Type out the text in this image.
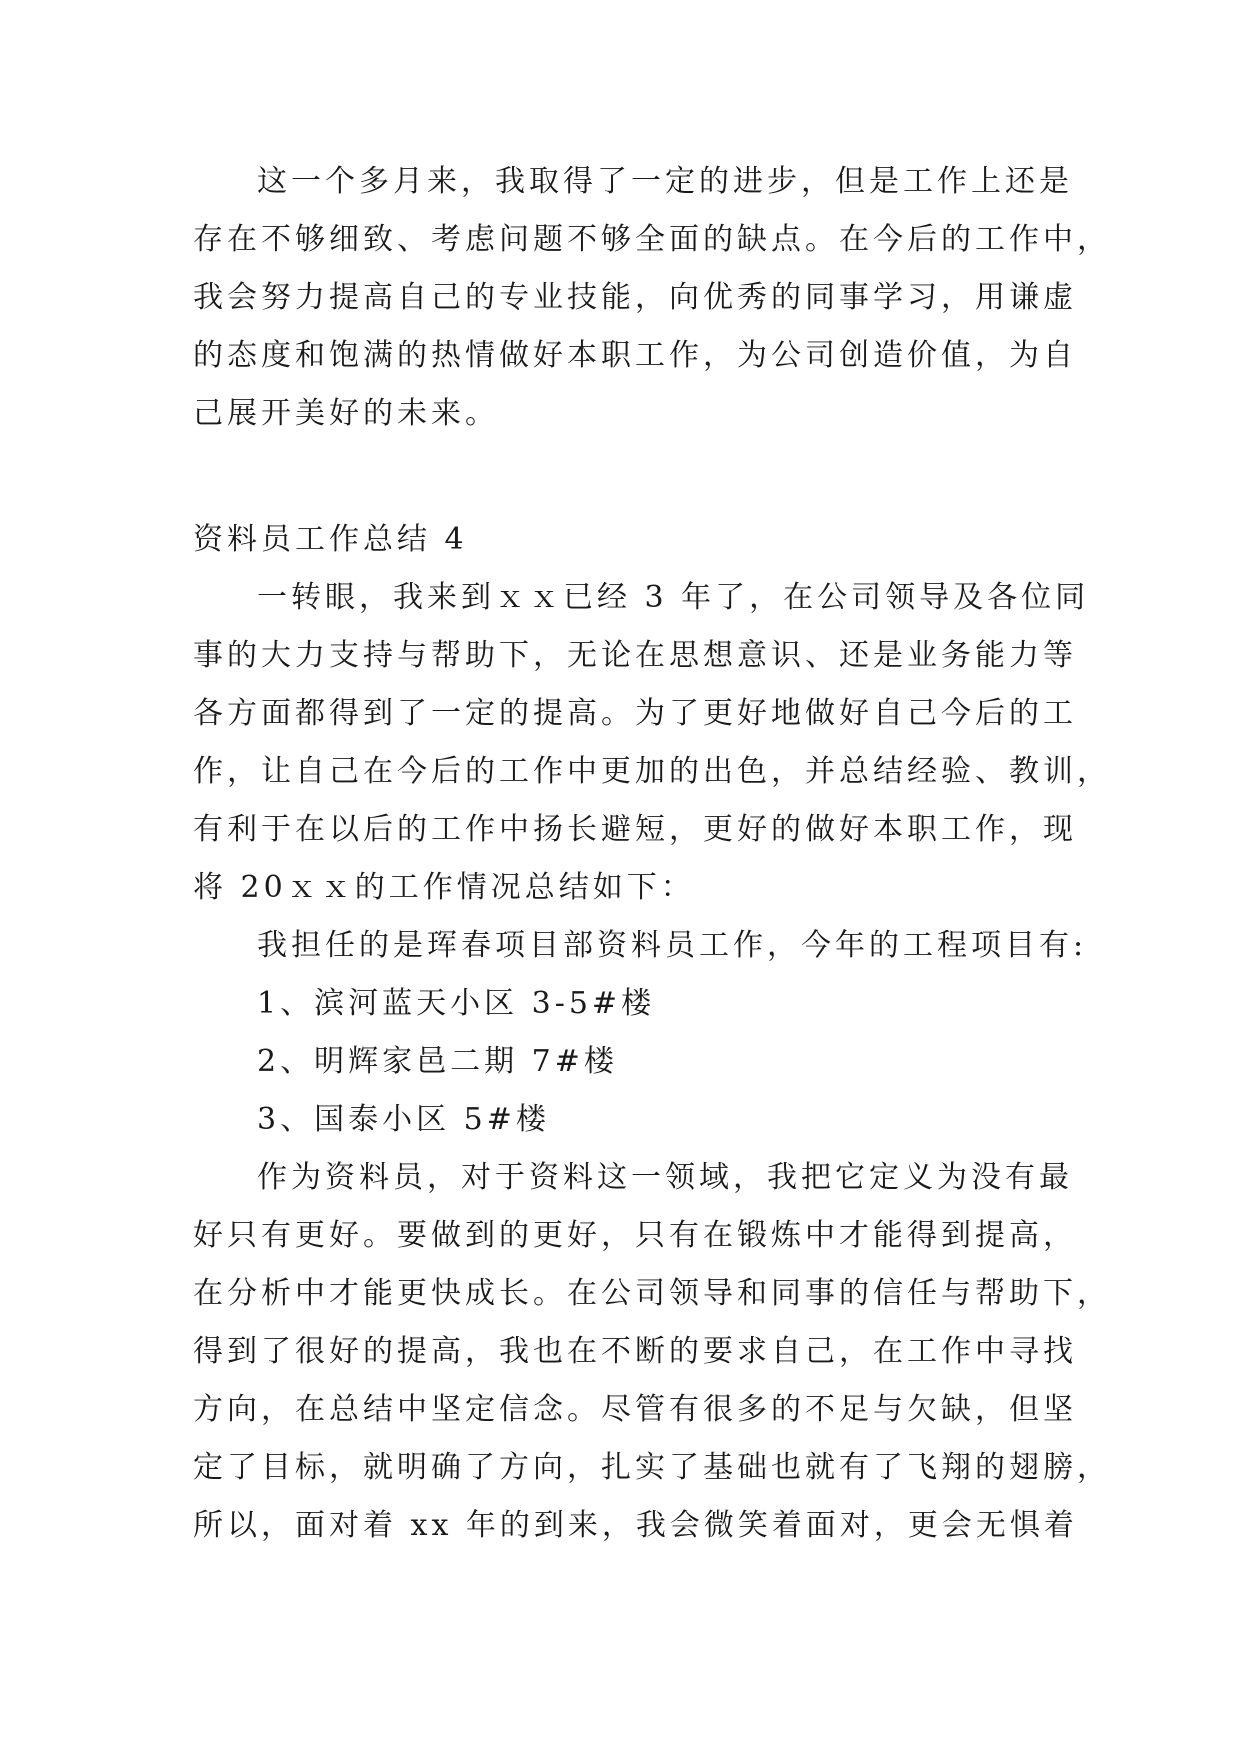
这一个多月来，我取得了一定的进步，但是工作上还是
存在不够细致、考虑问题不够全面的缺点。在今后的工作中，
我会努力提高自己的专业技能，向优秀的同事学习，用谦虚
的态度和饱满的热情做好本职工作，为公司创造价值，为自
己展开美好的未来。
资料员工作总结 4
一转眼，我来到ｘｘ已经 3 年了，在公司领导及各位同
事的大力支持与帮助下，无论在思想意识、还是业务能力等
各方面都得到了一定的提高。为了更好地做好自己今后的工
作，让自己在今后的工作中更加的出色，并总结经验、教训，
有利于在以后的工作中扬长避短，更好的做好本职工作，现
将 20ｘｘ的工作情况总结如下：
我担任的是珲春项目部资料员工作，今年的工程项目有:
1、滨河蓝天小区 3-5#楼
2、明辉家邑二期 7#楼
3、国泰小区 5#楼
作为资料员，对于资料这一领域，我把它定义为没有最
好只有更好。要做到的更好，只有在锻炼中才能得到提高，
在分析中才能更快成长。在公司领导和同事的信任与帮助下，
得到了很好的提高，我也在不断的要求自己，在工作中寻找
方向，在总结中坚定信念。尽管有很多的不足与欠缺，但坚
定了目标，就明确了方向，扎实了基础也就有了飞翔的翅膀，
所以，面对着 xx 年的到来，我会微笑着面对，更会无惧着
